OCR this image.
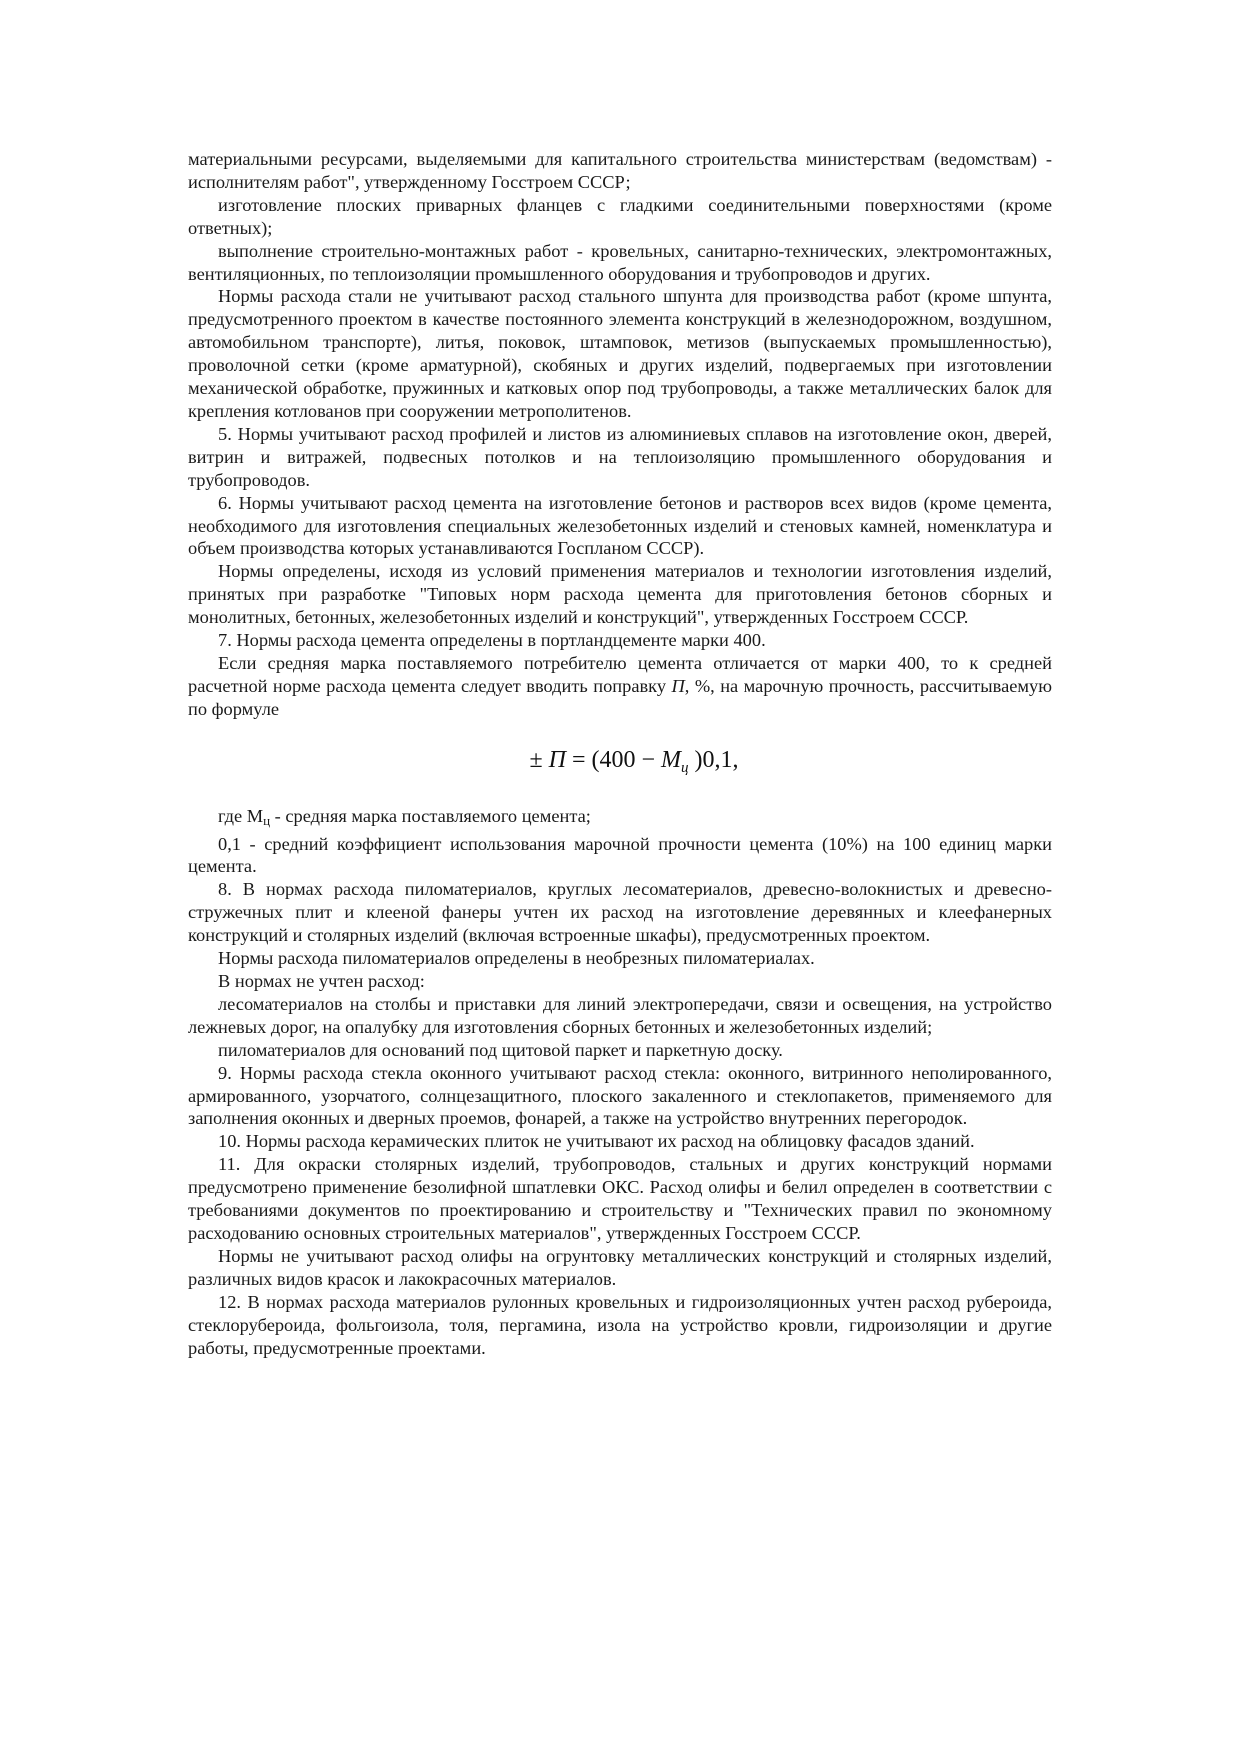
материальными ресурсами, выделяемыми для капитального строительства министерствам (ведомствам) - исполнителям работ", утвержденному Госстроем СССР;

изготовление плоских приварных фланцев с гладкими соединительными поверхностями (кроме ответных);

выполнение строительно-монтажных работ - кровельных, санитарно-технических, электромонтажных, вентиляционных, по теплоизоляции промышленного оборудования и трубопроводов и других.

Нормы расхода стали не учитывают расход стального шпунта для производства работ (кроме шпунта, предусмотренного проектом в качестве постоянного элемента конструкций в железнодорожном, воздушном, автомобильном транспорте), литья, поковок, штамповок, метизов (выпускаемых промышленностью), проволочной сетки (кроме арматурной), скобяных и других изделий, подвергаемых при изготовлении механической обработке, пружинных и катковых опор под трубопроводы, а также металлических балок для крепления котлованов при сооружении метрополитенов.

5. Нормы учитывают расход профилей и листов из алюминиевых сплавов на изготовление окон, дверей, витрин и витражей, подвесных потолков и на теплоизоляцию промышленного оборудования и трубопроводов.

6. Нормы учитывают расход цемента на изготовление бетонов и растворов всех видов (кроме цемента, необходимого для изготовления специальных железобетонных изделий и стеновых камней, номенклатура и объем производства которых устанавливаются Госпланом СССР).

Нормы определены, исходя из условий применения материалов и технологии изготовления изделий, принятых при разработке "Типовых норм расхода цемента для приготовления бетонов сборных и монолитных, бетонных, железобетонных изделий и конструкций", утвержденных Госстроем СССР.

7. Нормы расхода цемента определены в портландцементе марки 400.

Если средняя марка поставляемого потребителю цемента отличается от марки 400, то к средней расчетной норме расхода цемента следует вводить поправку П, %, на марочную прочность, рассчитываемую по формуле

± $П = (400 - М_ц$ )0,1,

где $М_ц$ - средняя марка поставляемого цемента;

0,1 - средний коэффициент использования марочной прочности цемента (10%) на 100 единиц марки цемента.

8. В нормах расхода пиломатериалов, круглых лесоматериалов, древесно-волокнистых и древесно-стружечных плит и клееной фанеры учтен их расход на изготовление деревянных и клеефанерных конструкций и столярных изделий (включая встроенные шкафы), предусмотренных проектом.

Нормы расхода пиломатериалов определены в необрезных пиломатериалах.

В нормах не учтен расход:

лесоматериалов на столбы и приставки для линий электропередачи, связи и освещения, на устройство лежневых дорог, на опалубку для изготовления сборных бетонных и железобетонных изделий;

пиломатериалов для оснований под щитовой паркет и паркетную доску.

9. Нормы расхода стекла оконного учитывают расход стекла: оконного, витринного неполированного, армированного, узорчатого, солнцезащитного, плоского закаленного и стеклопакетов, применяемого для заполнения оконных и дверных проемов, фонарей, а также на устройство внутренних перегородок.

10. Нормы расхода керамических плиток не учитывают их расход на облицовку фасадов зданий.

11. Для окраски столярных изделий, трубопроводов, стальных и других конструкций нормами предусмотрено применение безолифной шпатлевки ОКС. Расход олифы и белил определен в соответствии с требованиями документов по проектированию и строительству и "Технических правил по экономному расходованию основных строительных материалов", утвержденных Госстроем СССР.

Нормы не учитывают расход олифы на огрунтовку металлических конструкций и столярных изделий, различных видов красок и лакокрасочных материалов.

12. В нормах расхода материалов рулонных кровельных и гидроизоляционных учтен расход рубероида, стеклорубероида, фольгоизола, толя, пергамина, изола на устройство кровли, гидроизоляции и другие работы, предусмотренные проектами.
